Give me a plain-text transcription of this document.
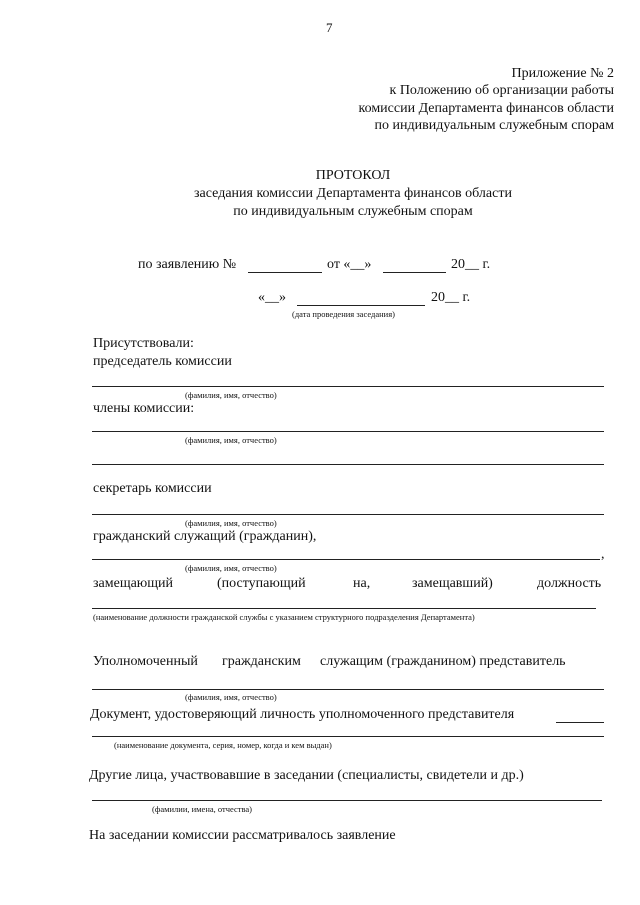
7
Приложение № 2
к Положению об организации работы
комиссии Департамента финансов области
по индивидуальным служебным спорам
ПРОТОКОЛ
заседания комиссии Департамента финансов области
по индивидуальным служебным спорам
по заявлению №	от «__»	20__ г.
«__»	20__ г.
(дата проведения заседания)
Присутствовали:
председатель комиссии
(фамилия, имя, отчество)
члены комиссии:
(фамилия, имя, отчество)
секретарь комиссии
(фамилия, имя, отчество)
гражданский служащий (гражданин),
,
(фамилия, имя, отчество)
замещающий	(поступающий	на,	замещавший)	должность
(наименование должности гражданской службы с указанием структурного подразделения Департамента)
Уполномоченный гражданским служащим (гражданином) представитель
(фамилия, имя, отчество)
Документ, удостоверяющий личность уполномоченного представителя
(наименование документа, серия, номер, когда и кем выдан)
Другие лица, участвовавшие в заседании (специалисты, свидетели и др.)
(фамилии, имена, отчества)
На заседании комиссии рассматривалось заявление
